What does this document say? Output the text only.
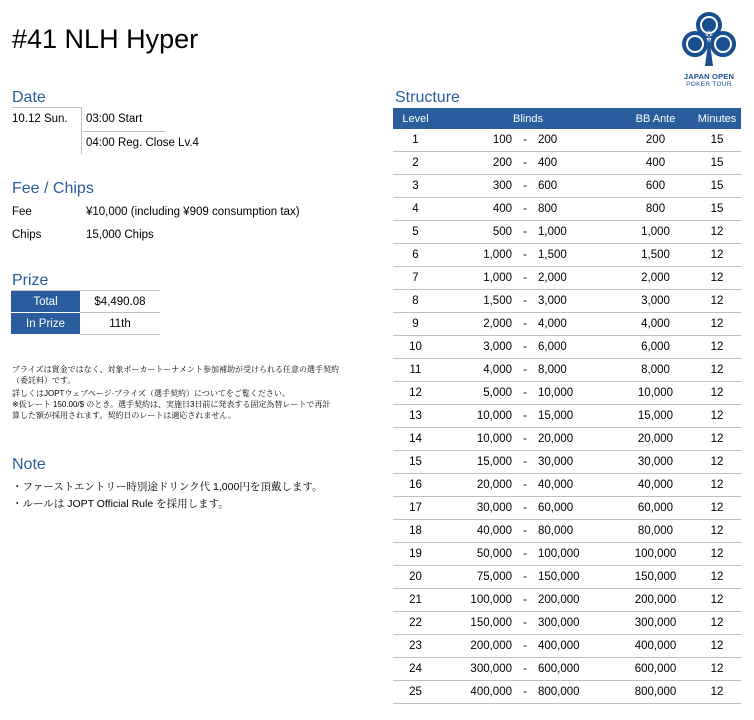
#41 NLH Hyper
JAPAN OPEN
POKER TOUR
Date
10.12 Sun. 03:00 Start
04:00 Reg. Close Lv.4
Fee / Chips
Fee	¥10,000 (including ¥909 consumption tax)
Chips	15,000 Chips
Prize
Total	$4,490.08
In Prize	11th
プライズは賞金ではなく、対象ポーカートーナメント参加補助が受けられる任意の選手契約
（委託料）です。
詳しくはJOPTウェブページ·プライズ（選手契約）についてをご覧ください。
※仮レート 150.00/$ のとき。選手契約は、実施日3日前に発表する固定為替レートで再計
算した額が採用されます。契約日のレートは適応されません。
Note
・ファーストエントリー時別途ドリンク代 1,000円を頂戴します。
・ルールは JOPT Official Rule を採用します。
Structure
Level	Blinds	BB Ante	Minutes
1	100 - 200	200	15
2	200 - 400	400	15
3	300 - 600	600	15
4	400 - 800	800	15
5	500 - 1,000	1,000	12
6	1,000 - 1,500	1,500	12
7	1,000 - 2,000	2,000	12
8	1,500 - 3,000	3,000	12
9	2,000 - 4,000	4,000	12
10	3,000 - 6,000	6,000	12
11	4,000 - 8,000	8,000	12
12	5,000 - 10,000	10,000	12
13	10,000 - 15,000	15,000	12
14	10,000 - 20,000	20,000	12
15	15,000 - 30,000	30,000	12
16	20,000 - 40,000	40,000	12
17	30,000 - 60,000	60,000	12
18	40,000 - 80,000	80,000	12
19	50,000 - 100,000	100,000	12
20	75,000 - 150,000	150,000	12
21	100,000 - 200,000	200,000	12
22	150,000 - 300,000	300,000	12
23	200,000 - 400,000	400,000	12
24	300,000 - 600,000	600,000	12
25	400,000 - 800,000	800,000	12
